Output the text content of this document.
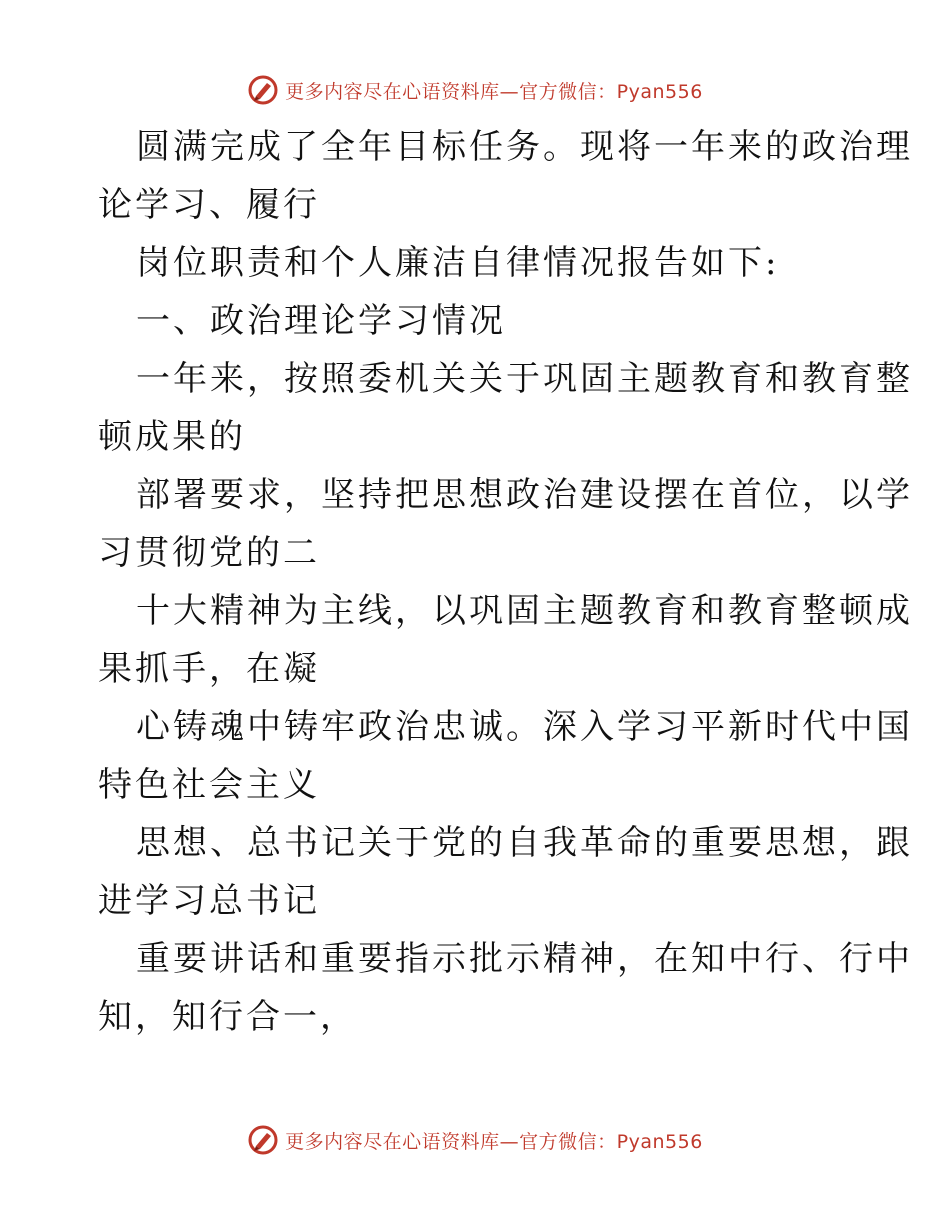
更多内容尽在心语资料库—官方微信：Pyan556

圆满完成了全年目标任务。现将一年来的政治理

论学习、履行

岗位职责和个人廉洁自律情况报告如下:

一、政治理论学习情况

一年来，按照委机关关于巩固主题教育和教育整

顿成果的

部署要求，坚持把思想政治建设摆在首位，以学

习贯彻党的二

十大精神为主线，以巩固主题教育和教育整顿成

果抓手，在凝

心铸魂中铸牢政治忠诚。深入学习平新时代中国

特色社会主义

思想、总书记关于党的自我革命的重要思想，跟

进学习总书记

重要讲话和重要指示批示精神，在知中行、行中

知，知行合一，

更多内容尽在心语资料库—官方微信：Pyan556
